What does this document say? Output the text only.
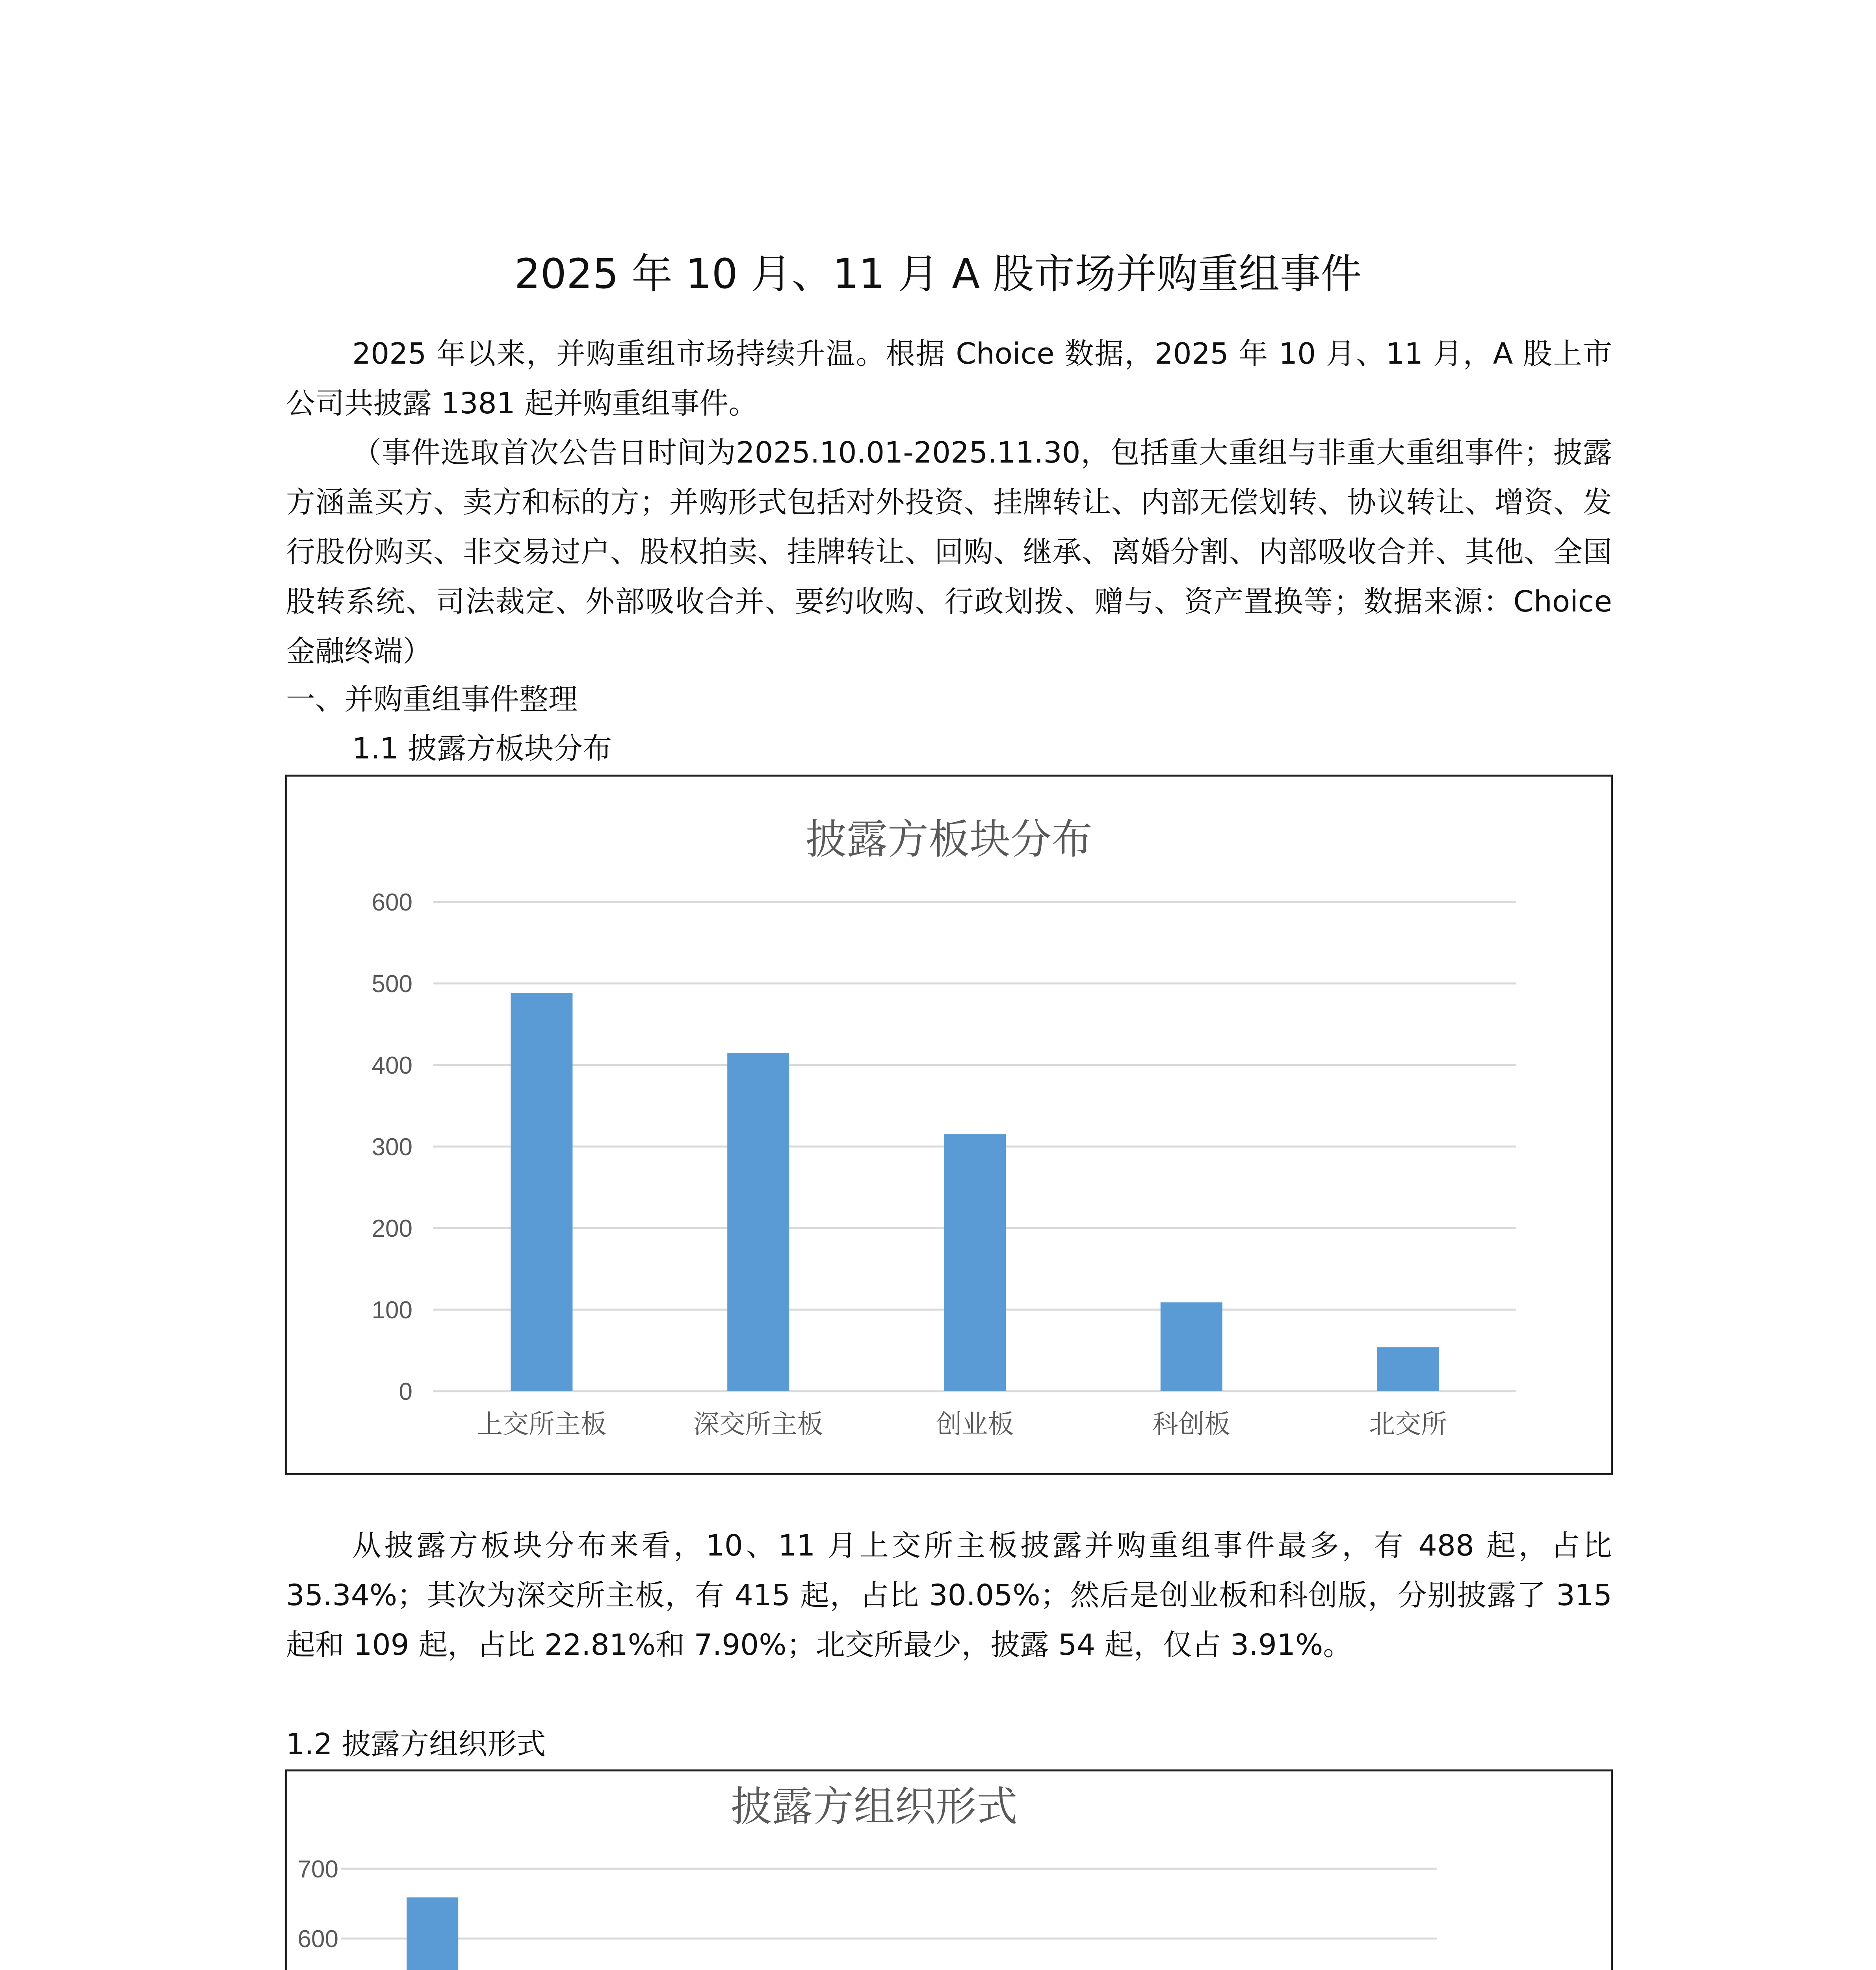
2025 年 10 月、11 月 A 股市场并购重组事件
2025 年以来，并购重组市场持续升温。根据 Choice 数据，2025 年 10 月、11 月，A 股上市公司共披露 1381 起并购重组事件。
（事件选取首次公告日时间为2025.10.01-2025.11.30，包括重大重组与非重大重组事件；披露方涵盖买方、卖方和标的方；并购形式包括对外投资、挂牌转让、内部无偿划转、协议转让、增资、发行股份购买、非交易过户、股权拍卖、挂牌转让、回购、继承、离婚分割、内部吸收合并、其他、全国股转系统、司法裁定、外部吸收合并、要约收购、行政划拨、赠与、资产置换等；数据来源：Choice 金融终端）
一、并购重组事件整理
1.1 披露方板块分布
披露方板块分布
0
100
200
300
400
500
600
上交所主板	深交所主板	创业板	科创板	北交所
从披露方板块分布来看，10、11 月上交所主板披露并购重组事件最多，有 488 起，占比 35.34%；其次为深交所主板，有 415 起，占比 30.05%；然后是创业板和科创版，分别披露了 315 起和 109 起，占比 22.81%和 7.90%；北交所最少，披露 54 起，仅占 3.91%。
1.2 披露方组织形式
披露方组织形式
600
700
